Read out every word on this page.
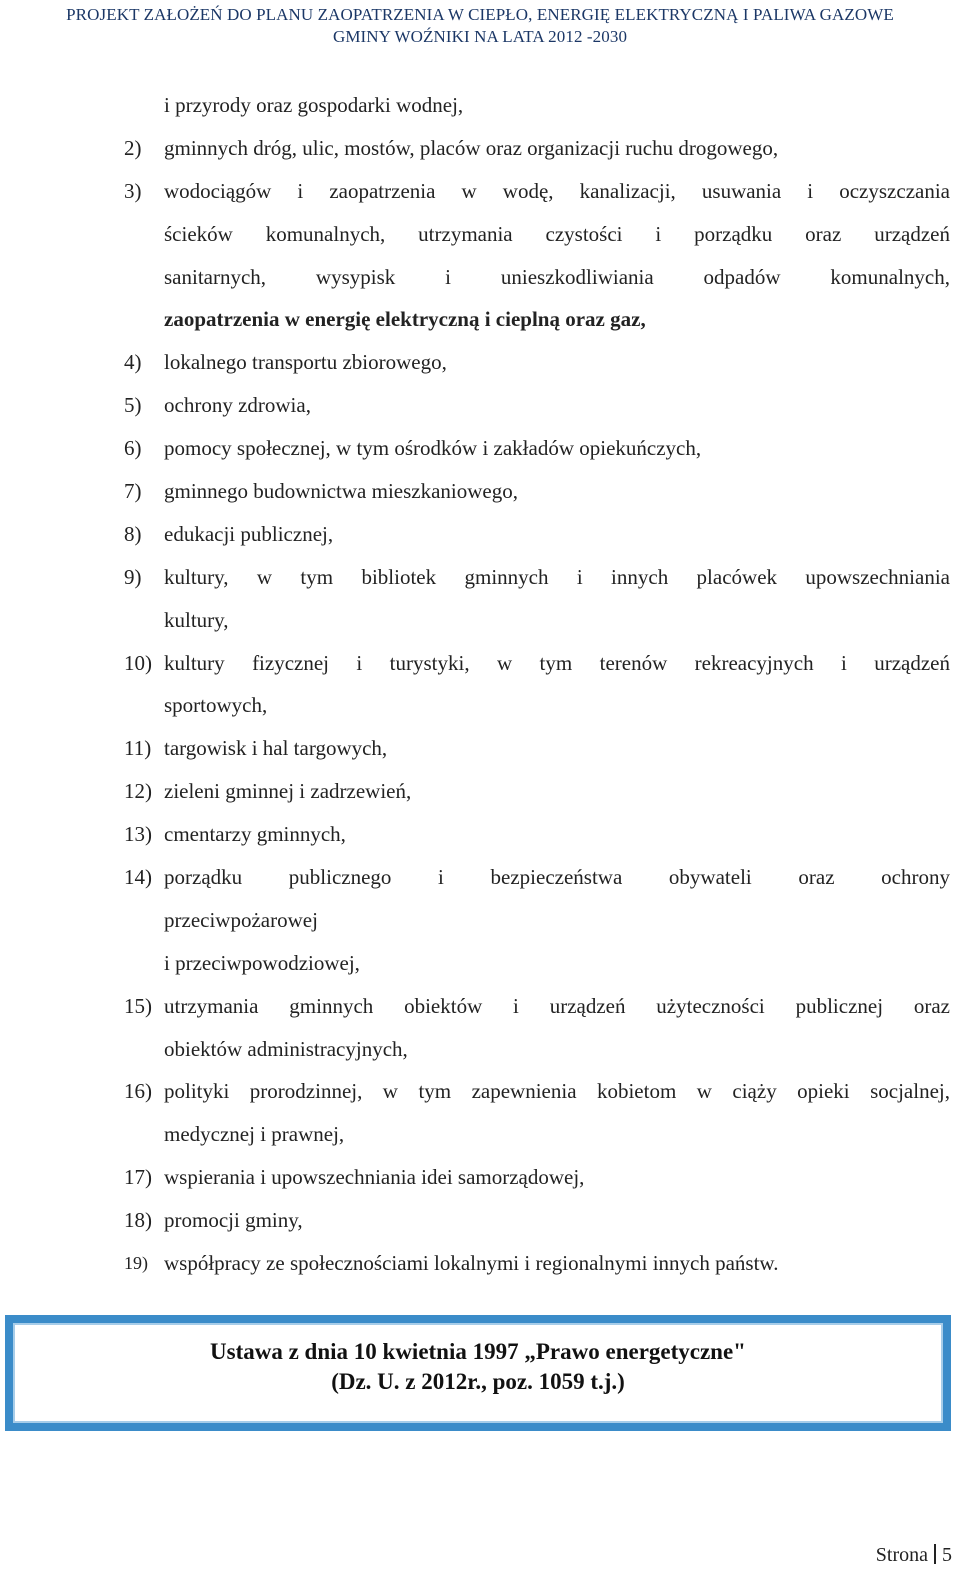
PROJEKT ZAŁOŻEŃ DO PLANU ZAOPATRZENIA W CIEPŁO, ENERGIĘ ELEKTRYCZNĄ I PALIWA GAZOWE
GMINY WOŹNIKI NA LATA 2012 -2030
i przyrody oraz gospodarki wodnej,
2) gminnych dróg, ulic, mostów, placów oraz organizacji ruchu drogowego,
3) wodociągów i zaopatrzenia w wodę, kanalizacji, usuwania i oczyszczania
ścieków komunalnych, utrzymania czystości i porządku oraz urządzeń
sanitarnych, wysypisk i unieszkodliwiania odpadów komunalnych,
zaopatrzenia w energię elektryczną i cieplną oraz gaz,
4) lokalnego transportu zbiorowego,
5) ochrony zdrowia,
6) pomocy społecznej, w tym ośrodków i zakładów opiekuńczych,
7) gminnego budownictwa mieszkaniowego,
8) edukacji publicznej,
9) kultury, w tym bibliotek gminnych i innych placówek upowszechniania
kultury,
10) kultury fizycznej i turystyki, w tym terenów rekreacyjnych i urządzeń
sportowych,
11) targowisk i hal targowych,
12) zieleni gminnej i zadrzewień,
13) cmentarzy gminnych,
14) porządku publicznego i bezpieczeństwa obywateli oraz ochrony
przeciwpożarowej
i przeciwpowodziowej,
15) utrzymania gminnych obiektów i urządzeń użyteczności publicznej oraz
obiektów administracyjnych,
16) polityki prorodzinnej, w tym zapewnienia kobietom w ciąży opieki socjalnej,
medycznej i prawnej,
17) wspierania i upowszechniania idei samorządowej,
18) promocji gminy,
19) współpracy ze społecznościami lokalnymi i regionalnymi innych państw.
Ustawa z dnia 10 kwietnia 1997 „Prawo energetyczne"
(Dz. U. z 2012r., poz. 1059 t.j.)
Strona 5
